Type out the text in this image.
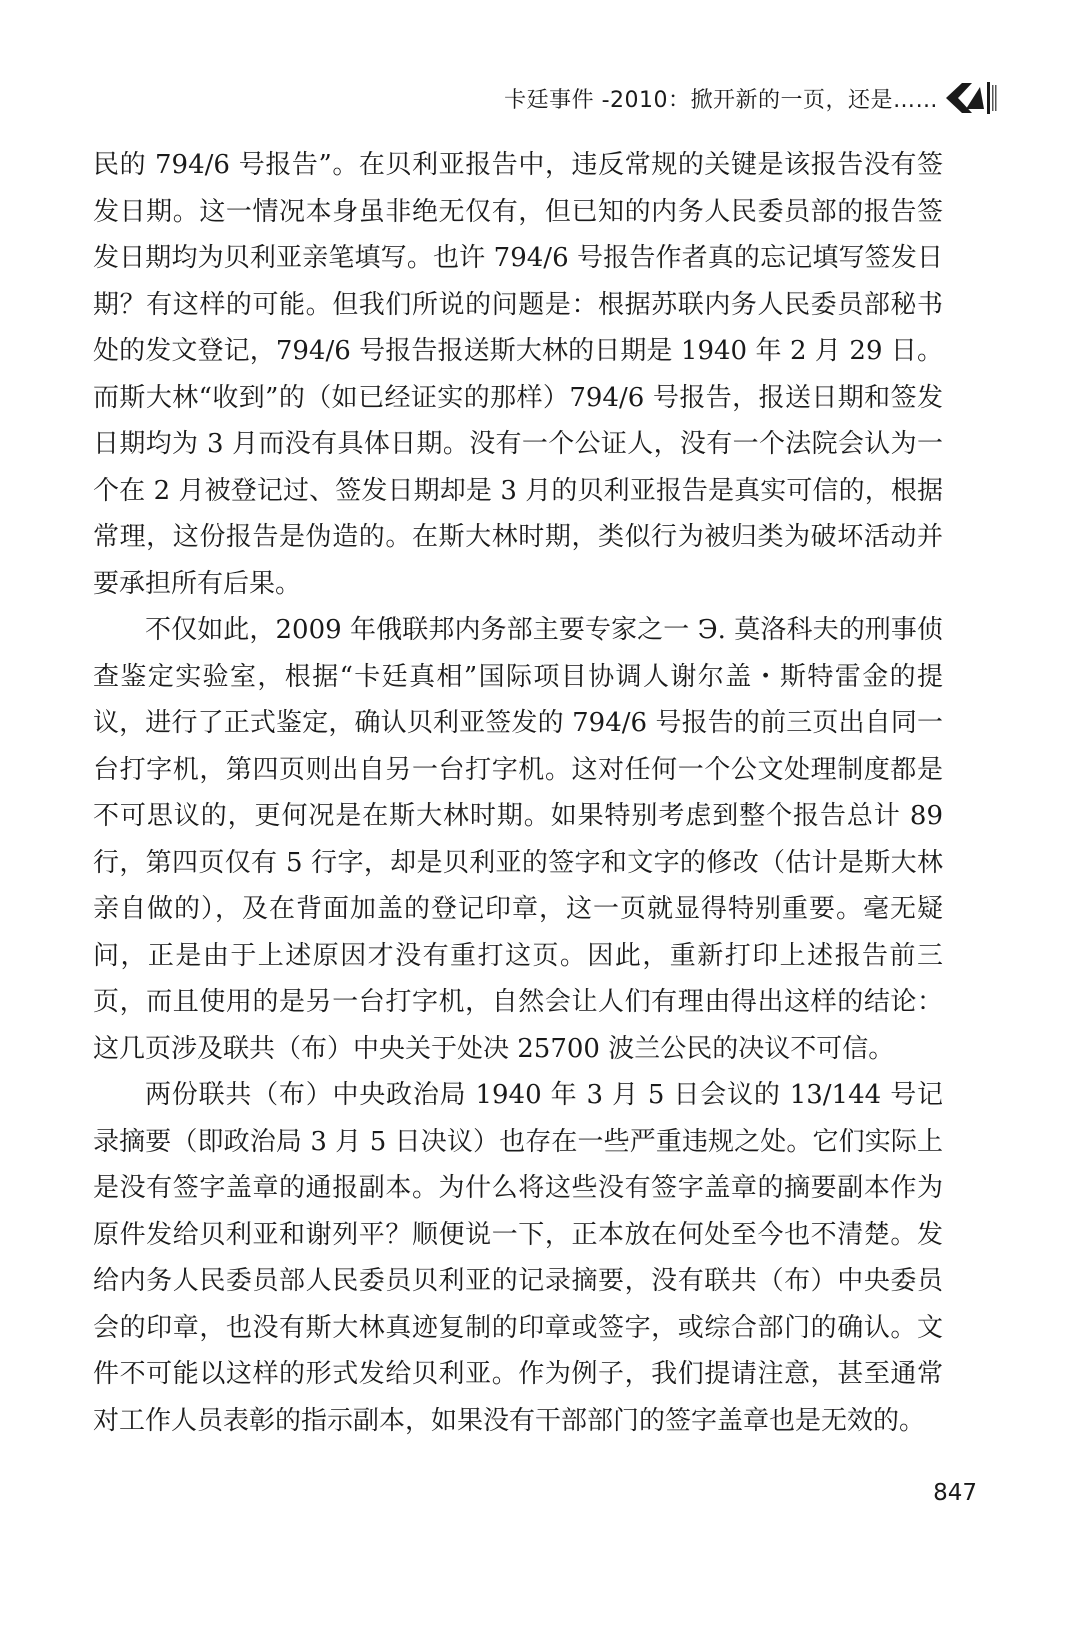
卡廷事件 -2010：掀开新的一页，还是……

民的 794/6 号报告”。在贝利亚报告中，违反常规的关键是该报告没有签发日期。这一情况本身虽非绝无仅有，但已知的内务人民委员部的报告签发日期均为贝利亚亲笔填写。也许 794/6 号报告作者真的忘记填写签发日期？有这样的可能。但我们所说的问题是：根据苏联内务人民委员部秘书处的发文登记，794/6 号报告报送斯大林的日期是 1940 年 2 月 29 日。而斯大林“收到”的（如已经证实的那样）794/6 号报告，报送日期和签发日期均为 3 月而没有具体日期。没有一个公证人，没有一个法院会认为一个在 2 月被登记过、签发日期却是 3 月的贝利亚报告是真实可信的，根据常理，这份报告是伪造的。在斯大林时期，类似行为被归类为破坏活动并要承担所有后果。

不仅如此，2009 年俄联邦内务部主要专家之一 Э. 莫洛科夫的刑事侦查鉴定实验室，根据“卡廷真相”国际项目协调人谢尔盖・斯特雷金的提议，进行了正式鉴定，确认贝利亚签发的 794/6 号报告的前三页出自同一台打字机，第四页则出自另一台打字机。这对任何一个公文处理制度都是不可思议的，更何况是在斯大林时期。如果特别考虑到整个报告总计 89 行，第四页仅有 5 行字，却是贝利亚的签字和文字的修改（估计是斯大林亲自做的），及在背面加盖的登记印章，这一页就显得特别重要。毫无疑问，正是由于上述原因才没有重打这页。因此，重新打印上述报告前三页，而且使用的是另一台打字机，自然会让人们有理由得出这样的结论：这几页涉及联共（布）中央关于处决 25700 波兰公民的决议不可信。

两份联共（布）中央政治局 1940 年 3 月 5 日会议的 13/144 号记录摘要（即政治局 3 月 5 日决议）也存在一些严重违规之处。它们实际上是没有签字盖章的通报副本。为什么将这些没有签字盖章的摘要副本作为原件发给贝利亚和谢列平？顺便说一下，正本放在何处至今也不清楚。发给内务人民委员部人民委员贝利亚的记录摘要，没有联共（布）中央委员会的印章，也没有斯大林真迹复制的印章或签字，或综合部门的确认。文件不可能以这样的形式发给贝利亚。作为例子，我们提请注意，甚至通常对工作人员表彰的指示副本，如果没有干部部门的签字盖章也是无效的。

847
